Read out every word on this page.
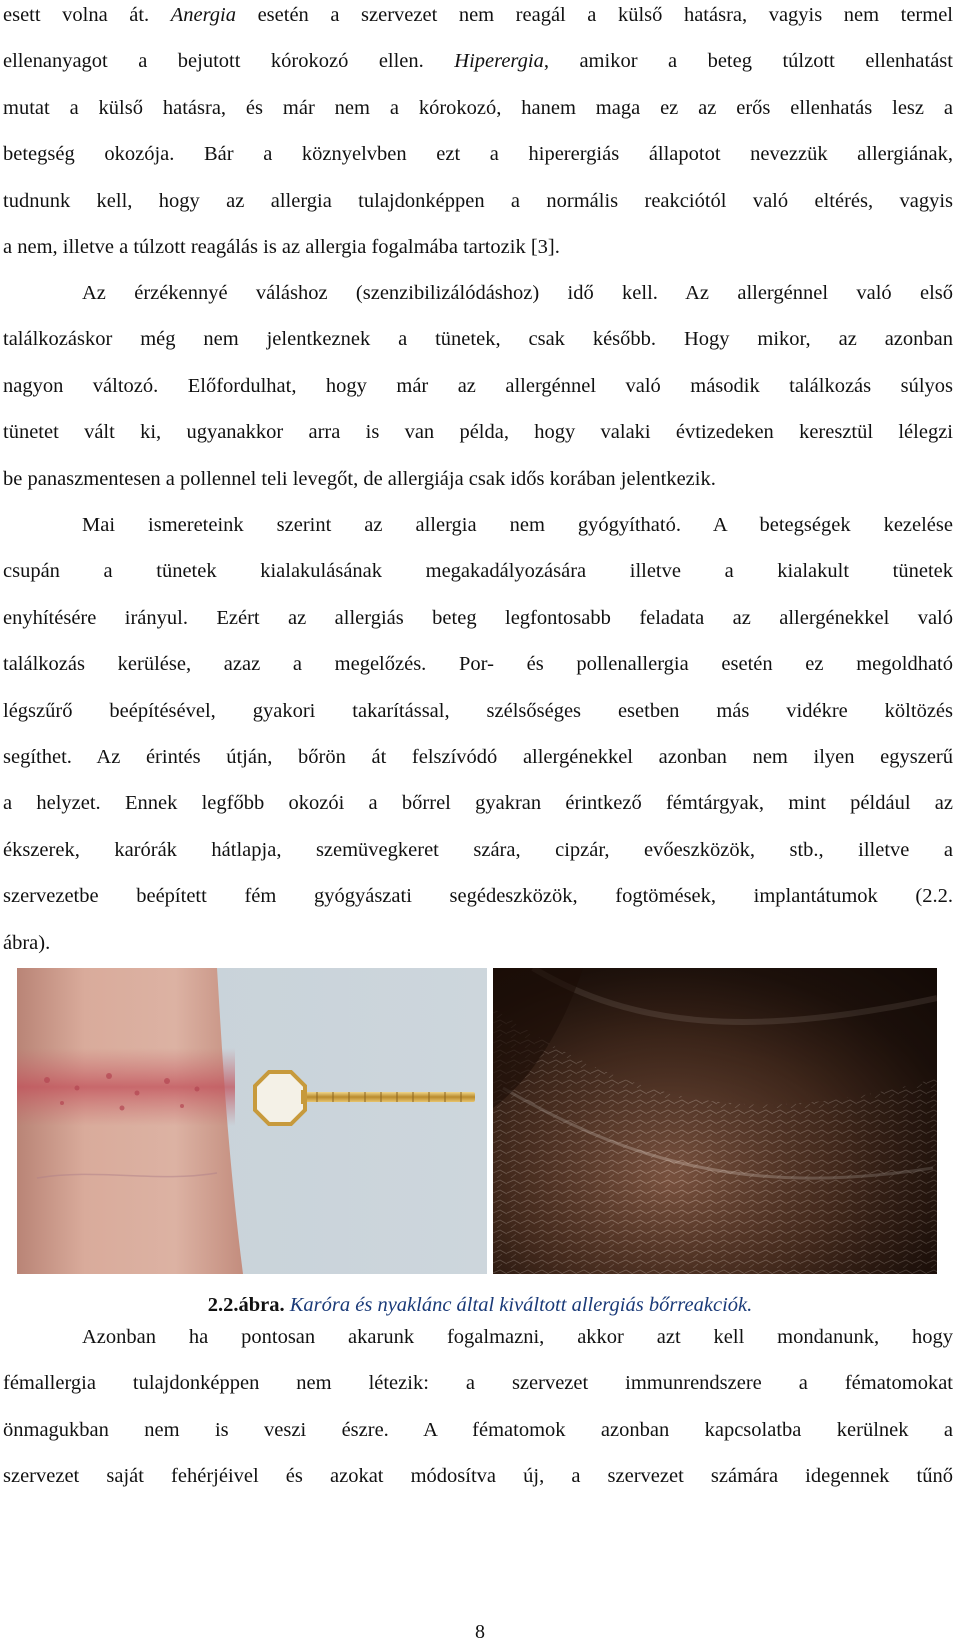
esett volna át. Anergia esetén a szervezet nem reagál a külső hatásra, vagyis nem termel
ellenanyagot a bejutott kórokozó ellen. Hiperergia, amikor a beteg túlzott ellenhatást
mutat a külső hatásra, és már nem a kórokozó, hanem maga ez az erős ellenhatás lesz a
betegség okozója. Bár a köznyelvben ezt a hiperergiás állapotot nevezzük allergiának,
tudnunk kell, hogy az allergia tulajdonképpen a normális reakciótól való eltérés, vagyis
a nem, illetve a túlzott reagálás is az allergia fogalmába tartozik [3].
Az érzékennyé váláshoz (szenzibilizálódáshoz) idő kell. Az allergénnel való első
találkozáskor még nem jelentkeznek a tünetek, csak később. Hogy mikor, az azonban
nagyon változó. Előfordulhat, hogy már az allergénnel való második találkozás súlyos
tünetet vált ki, ugyanakkor arra is van példa, hogy valaki évtizedeken keresztül lélegzi
be panaszmentesen a pollennel teli levegőt, de allergiája csak idős korában jelentkezik.
Mai ismereteink szerint az allergia nem gyógyítható. A betegségek kezelése
csupán a tünetek kialakulásának megakadályozására illetve a kialakult tünetek
enyhítésére irányul. Ezért az allergiás beteg legfontosabb feladata az allergénekkel való
találkozás kerülése, azaz a megelőzés. Por- és pollenallergia esetén ez megoldható
légszűrő beépítésével, gyakori takarítással, szélsőséges esetben más vidékre költözés
segíthet. Az érintés útján, bőrön át felszívódó allergénekkel azonban nem ilyen egyszerű
a helyzet. Ennek legfőbb okozói a bőrrel gyakran érintkező fémtárgyak, mint például az
ékszerek, karórák hátlapja, szemüvegkeret szára, cipzár, evőeszközök, stb., illetve a
szervezetbe beépített fém gyógyászati segédeszközök, fogtömések, implantátumok (2.2.
ábra).
2.2.ábra. Karóra és nyaklánc által kiváltott allergiás bőrreakciók.
Azonban ha pontosan akarunk fogalmazni, akkor azt kell mondanunk, hogy
fémallergia tulajdonképpen nem létezik: a szervezet immunrendszere a fématomokat
önmagukban nem is veszi észre. A fématomok azonban kapcsolatba kerülnek a
szervezet saját fehérjéivel és azokat módosítva új, a szervezet számára idegennek tűnő
8
